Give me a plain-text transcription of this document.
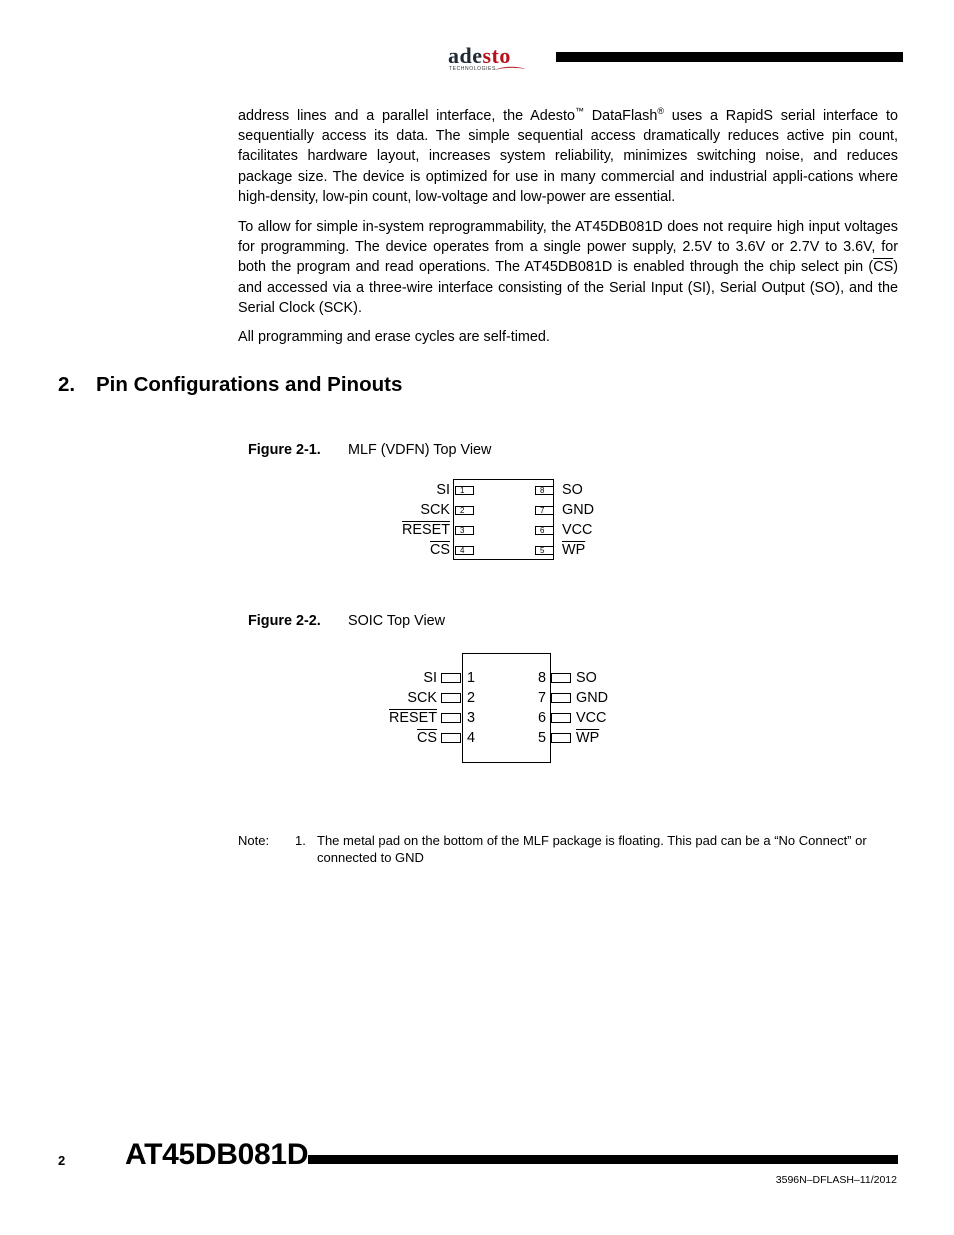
adesto
TECHNOLOGIES
address lines and a parallel interface, the Adesto™ DataFlash® uses a RapidS serial interface to sequentially access its data. The simple sequential access dramatically reduces active pin count, facilitates hardware layout, increases system reliability, minimizes switching noise, and reduces package size. The device is optimized for use in many commercial and industrial appli-cations where high-density, low-pin count, low-voltage and low-power are essential.
To allow for simple in-system reprogrammability, the AT45DB081D does not require high input voltages for programming. The device operates from a single power supply, 2.5V to 3.6V or 2.7V to 3.6V, for both the program and read operations. The AT45DB081D is enabled through the chip select pin $(\overline{CS})$ and accessed via a three-wire interface consisting of the Serial Input (SI), Serial Output (SO), and the Serial Clock (SCK).
All programming and erase cycles are self-timed.
2. Pin Configurations and Pinouts
Figure 2-1. MLF (VDFN) Top View
SI	1
SCK	2
RESET	3
$\overline{CS}$	4
8	SO
7	GND
6	VCC
5	$\overline{WP}$
Figure 2-2. SOIC Top View
SI 1
SCK 2
RESET 3
$\overline{CS}$ 4
8 SO
7 GND
6 VCC
5 $\overline{WP}$
Note: 1. The metal pad on the bottom of the MLF package is floating. This pad can be a “No Connect” or connected to GND
2 AT45DB081D
3596N–DFLASH–11/2012
